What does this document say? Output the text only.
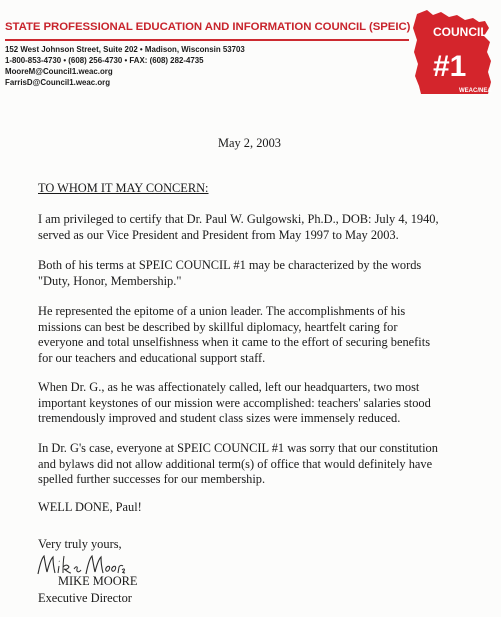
STATE PROFESSIONAL EDUCATION AND INFORMATION COUNCIL (SPEIC)
152 West Johnson Street, Suite 202 • Madison, Wisconsin 53703
1-800-853-4730 • (608) 256-4730 • FAX: (608) 282-4735
MooreM@Council1.weac.org
FarrisD@Council1.weac.org
COUNCIL
#1
WEAC/NEA
May 2, 2003
TO WHOM IT MAY CONCERN:
I am privileged to certify that Dr. Paul W. Gulgowski, Ph.D., DOB: July 4, 1940,
served as our Vice President and President from May 1997 to May 2003.
Both of his terms at SPEIC COUNCIL #1 may be characterized by the words
"Duty, Honor, Membership."
He represented the epitome of a union leader. The accomplishments of his
missions can best be described by skillful diplomacy, heartfelt caring for
everyone and total unselfishness when it came to the effort of securing benefits
for our teachers and educational support staff.
When Dr. G., as he was affectionately called, left our headquarters, two most
important keystones of our mission were accomplished: teachers' salaries stood
tremendously improved and student class sizes were immensely reduced.
In Dr. G's case, everyone at SPEIC COUNCIL #1 was sorry that our constitution
and bylaws did not allow additional term(s) of office that would definitely have
spelled further successes for our membership.
WELL DONE, Paul!
Very truly yours,
MIKE MOORE
Executive Director
